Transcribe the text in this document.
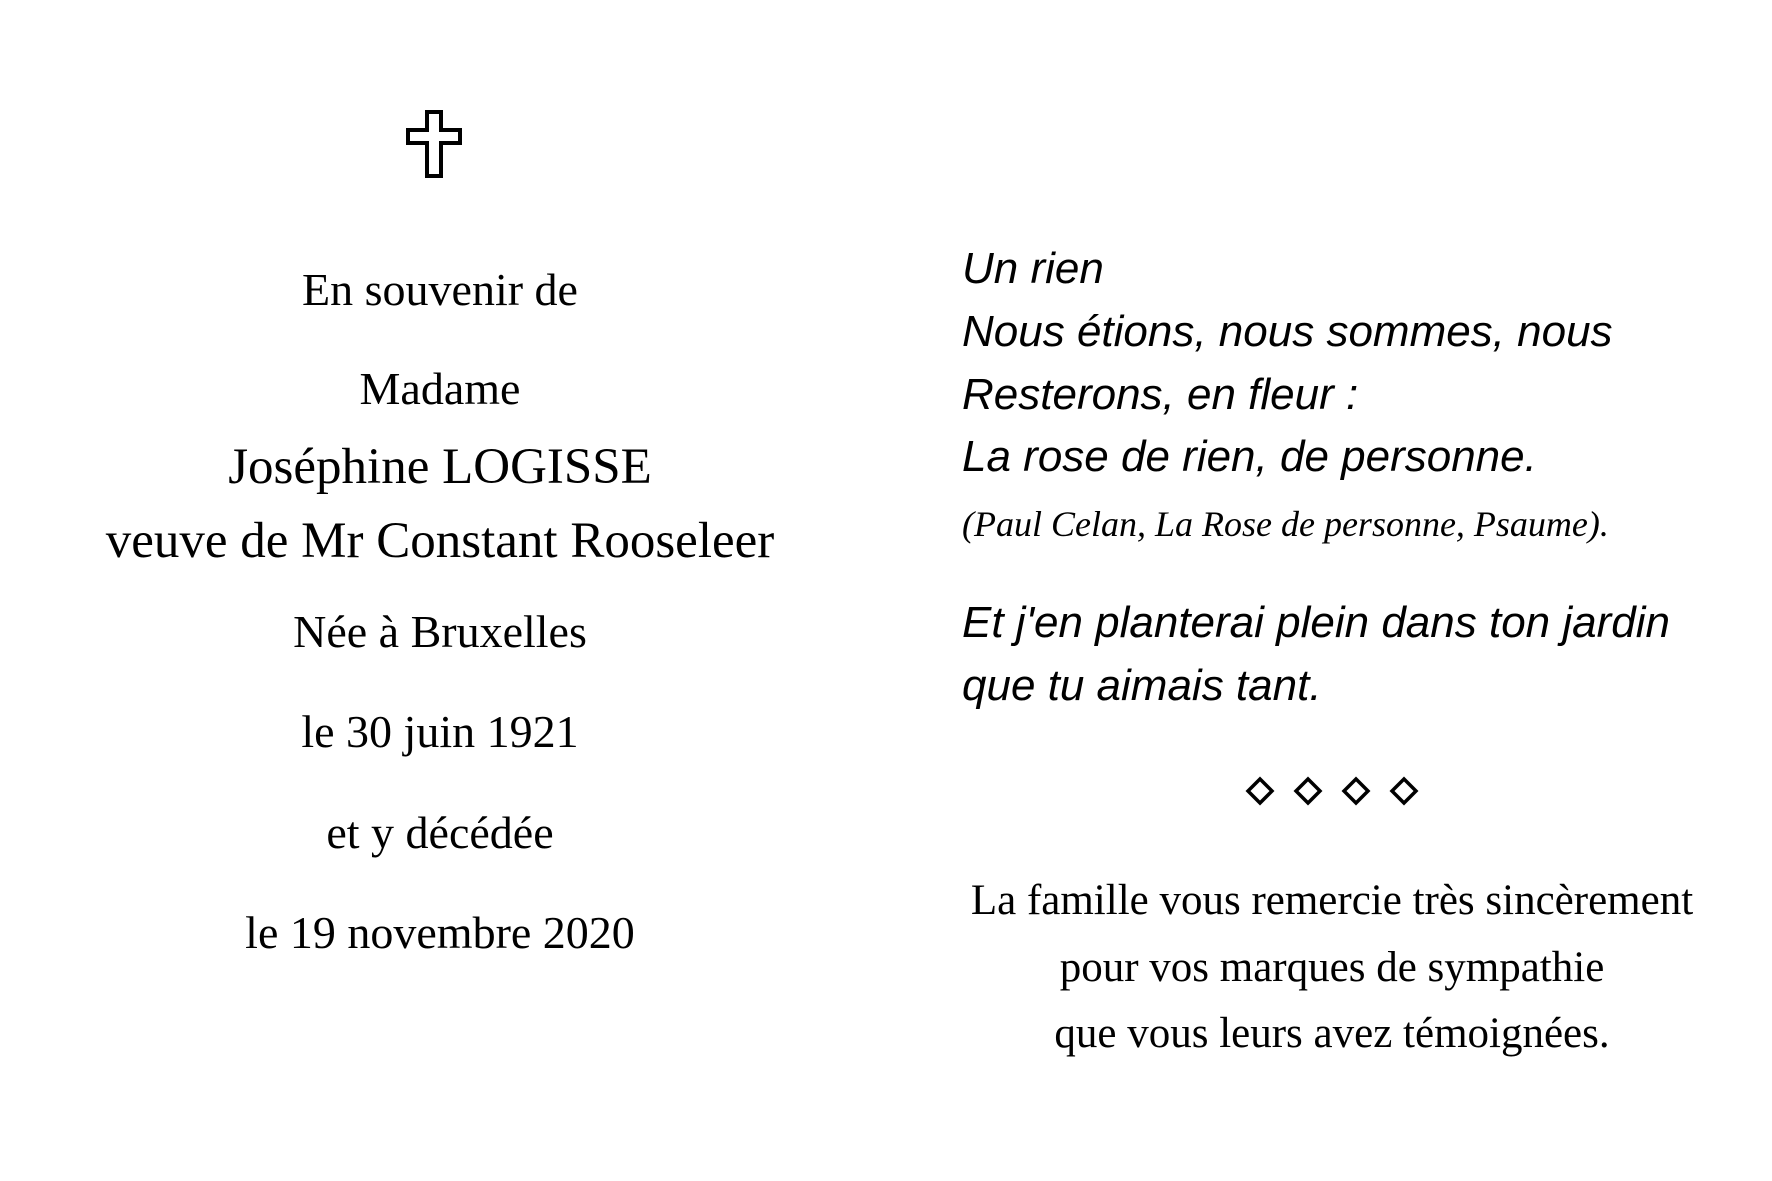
En souvenir de
Madame
Joséphine LOGISSE
veuve de Mr Constant Rooseleer
Née à Bruxelles
le 30 juin 1921
et y décédée
le 19 novembre 2020
Un rien
Nous étions, nous sommes, nous
Resterons, en fleur :
La rose de rien, de personne.
(Paul Celan, La Rose de personne, Psaume).
Et j'en planterai plein dans ton jardin
que tu aimais tant.
La famille vous remercie très sincèrement
pour vos marques de sympathie
que vous leurs avez témoignées.
